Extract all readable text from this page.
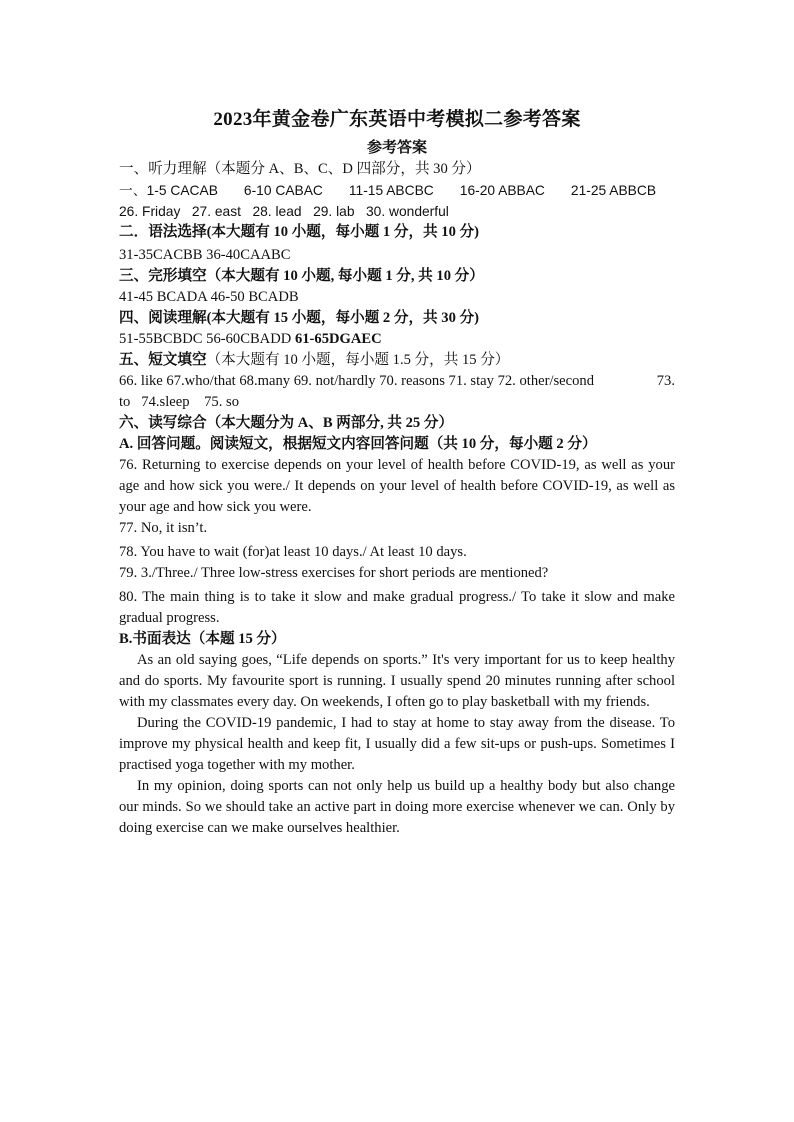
2023年黄金卷广东英语中考模拟二参考答案
参考答案
一、听力理解（本题分 A、B、C、D 四部分，共 30 分）
一、1-5 CACAB 6-10 CABAC 11-15 ABCBC 16-20 ABBAC 21-25 ABBCB
26. Friday 27. east 28. lead 29. lab 30. wonderful
二．语法选择(本大题有 10 小题，每小题 1 分，共 10 分)
31-35CACBB 36-40CAABC
三、完形填空（本大题有 10 小题, 每小题 1 分, 共 10 分）
41-45 BCADA 46-50 BCADB
四、阅读理解(本大题有 15 小题，每小题 2 分，共 30 分)
51-55BCBDC 56-60CBADD 61-65DGAEC
五、短文填空（本大题有 10 小题，每小题 1.5 分，共 15 分）
66. like 67.who/that 68.many 69. not/hardly 70. reasons 71. stay 72. other/second	73.
to   74.sleep    75. so
六、读写综合（本大题分为 A、B 两部分, 共 25 分）
A. 回答问题。阅读短文，根据短文内容回答问题（共 10 分，每小题 2 分）

76. Returning to exercise depends on your level of health before COVID-19, as well as your age and how sick you were./ It depends on your level of health before COVID-19, as well as your age and how sick you were.

77. No, it isn’t.

78. You have to wait (for)at least 10 days./ At least 10 days.

79. 3./Three./ Three low-stress exercises for short periods are mentioned?

80. The main thing is to take it slow and make gradual progress./ To take it slow and make gradual progress.

B.书面表达（本题 15 分）

As an old saying goes, “Life depends on sports.” It's very important for us to keep healthy and do sports. My favourite sport is running. I usually spend 20 minutes running after school with my classmates every day. On weekends, I often go to play basketball with my friends.

During the COVID-19 pandemic, I had to stay at home to stay away from the disease. To improve my physical health and keep fit, I usually did a few sit-ups or push-ups. Sometimes I practised yoga together with my mother.

In my opinion, doing sports can not only help us build up a healthy body but also change our minds. So we should take an active part in doing more exercise whenever we can. Only by doing exercise can we make ourselves healthier.
